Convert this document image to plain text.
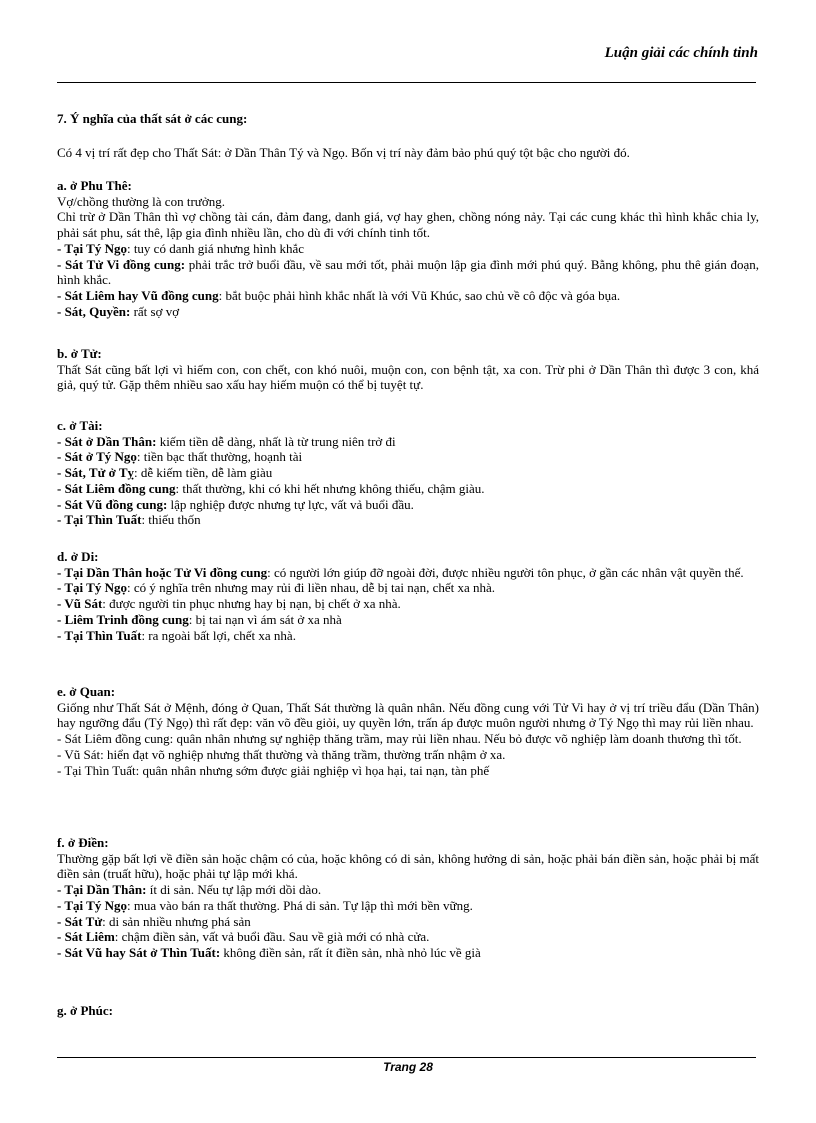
Luận giải các chính tinh
7. Ý nghĩa của thất sát ở các cung:
Có 4 vị trí rất đẹp cho Thất Sát: ở Dần Thân Tý và Ngọ. Bốn vị trí này đảm bảo phú quý tột bậc cho người đó.
a. ở Phu Thê:
Vợ/chồng thường là con trưởng.
Chỉ trừ ở Dần Thân thì vợ chồng tài cán, đảm đang, danh giá, vợ hay ghen, chồng nóng nảy. Tại các cung khác thì hình khắc chia ly, phải sát phu, sát thê, lập gia đình nhiều lần, cho dù đi với chính tinh tốt.
- Tại Tý Ngọ: tuy có danh giá nhưng hình khắc
- Sát Tử Vi đồng cung: phải trắc trở buổi đầu, về sau mới tốt, phải muộn lập gia đình mới phú quý. Bằng không, phu thê gián đoạn, hình khắc.
- Sát Liêm hay Vũ đồng cung: bắt buộc phải hình khắc nhất là với Vũ Khúc, sao chủ về cô độc và góa bụa.
- Sát, Quyền: rất sợ vợ
b. ở Tử:
Thất Sát cũng bất lợi vì hiếm con, con chết, con khó nuôi, muộn con, con bệnh tật, xa con. Trừ phi ở Dần Thân thì được 3 con, khá giả, quý tử. Gặp thêm nhiều sao xấu hay hiếm muộn có thể bị tuyệt tự.
c. ở Tài:
- Sát ở Dần Thân: kiếm tiền dễ dàng, nhất là từ trung niên trở đi
- Sát ở Tý Ngọ: tiền bạc thất thường, hoạnh tài
- Sát, Tử ở Tỵ: dễ kiếm tiền, dễ làm giàu
- Sát Liêm đồng cung: thất thường, khi có khi hết nhưng không thiếu, chậm giàu.
- Sát Vũ đồng cung: lập nghiệp được nhưng tự lực, vất vả buổi đầu.
- Tại Thìn Tuất: thiếu thốn
d. ở Di:
- Tại Dần Thân hoặc Tử Vi đồng cung: có người lớn giúp đỡ ngoài đời, được nhiều người tôn phục, ở gần các nhân vật quyền thế.
- Tại Tý Ngọ: có ý nghĩa trên nhưng may rủi đi liền nhau, dễ bị tai nạn, chết xa nhà.
- Vũ Sát: được người tin phục nhưng hay bị nạn, bị chết ở xa nhà.
- Liêm Trinh đồng cung: bị tai nạn vì ám sát ở xa nhà
- Tại Thìn Tuất: ra ngoài bất lợi, chết xa nhà.
e. ở Quan:
Giống như Thất Sát ở Mệnh, đóng ở Quan, Thất Sát thường là quân nhân. Nếu đồng cung với Tử Vi hay ở vị trí triều đẩu (Dần Thân) hay ngưỡng đẩu (Tý Ngọ) thì rất đẹp: văn võ đều giỏi, uy quyền lớn, trấn áp được muôn người nhưng ở Tý Ngọ thì may rủi liền nhau.
- Sát Liêm đồng cung: quân nhân nhưng sự nghiệp thăng trầm, may rủi liền nhau. Nếu bỏ được võ nghiệp làm doanh thương thì tốt.
- Vũ Sát: hiển đạt võ nghiệp nhưng thất thường và thăng trầm, thường trấn nhậm ở xa.
- Tại Thìn Tuất: quân nhân nhưng sớm được giải nghiệp vì họa hại, tai nạn, tàn phế
f. ở Điền:
Thường gặp bất lợi về điền sản hoặc chậm có của, hoặc không có di sản, không hưởng di sản, hoặc phải bán điền sản, hoặc phải bị mất điền sản (truất hữu), hoặc phải tự lập mới khá.
- Tại Dần Thân: ít di sản. Nếu tự lập mới dồi dào.
- Tại Tý Ngọ: mua vào bán ra thất thường. Phá di sản. Tự lập thì mới bền vững.
- Sát Tử: di sản nhiều nhưng phá sản
- Sát Liêm: chậm điền sản, vất vả buổi đầu. Sau về già mới có nhà cửa.
- Sát Vũ hay Sát ở Thìn Tuất: không điền sản, rất ít điền sản, nhà nhỏ lúc về già
g. ở Phúc:
Trang 28
